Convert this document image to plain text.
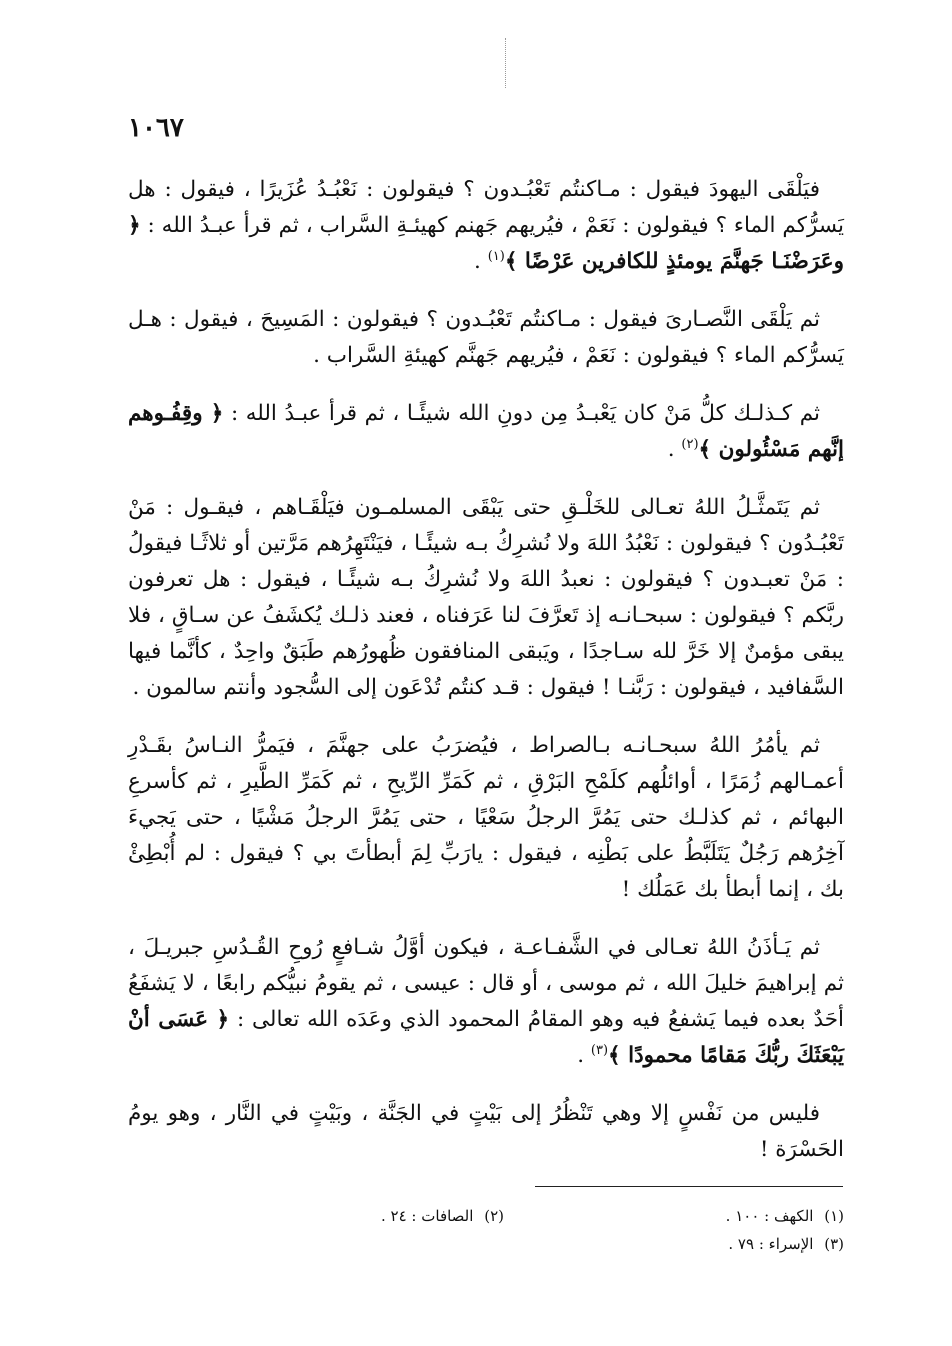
١٠٦٧

فيَلْقَى اليهودَ فيقول : مـاكنتُم تَعْبُـدون ؟ فيقولون : نَعْبُـدُ عُزَيرًا ، فيقول : هل يَسرُّكم الماء ؟ فيقولون : نَعَمْ ، فيُريهم جَهنم كهيئـةِ السَّراب ، ثم قرأ عبـدُ الله : ﴿ وعَرَضْنَـا جَهنَّمَ يومئذٍ للكافرين عَرْضًا ﴾$^{(١)}$ .

ثم يَلْقَى النَّصـارىَ فيقول : مـاكنتُم تَعْبُـدون ؟ فيقولون : المَسِيحَ ، فيقول : هـل يَسرُّكم الماء ؟ فيقولون : نَعَمْ ، فيُريهم جَهنَّم كهيئةِ السَّراب .

ثم كـذلـك كلُّ مَنْ كان يَعْبـدُ مِن دونِ الله شيئًـا ، ثم قرأ عبـدُ الله : ﴿ وقِفُـوهم إنَّهم مَسْئُولون ﴾$^{(٢)}$ .

ثم يَتَمثَّـلُ اللهُ تعـالى للخَلْـقِ حتى يَبْقَى المسلمـون فيَلْقَـاهم ، فيقـول : مَنْ تَعْبُـدُون ؟ فيقولون : نَعْبُدُ اللهَ ولا نُشرِكُ بـه شيئًـا ، فيَنْتَهِرُهم مَرَّتين أو ثلاثًـا فيقولُ : مَنْ تعبـدون ؟ فيقولون : نعبدُ اللهَ ولا نُشرِكُ بـه شيئًـا ، فيقول : هل تعرفون ربَّكم ؟ فيقولون : سبحـانـه إذ تَعرَّفَ لنا عَرَفناه ، فعند ذلـك يُكشَفُ عن سـاقٍ ، فلا يبقى مؤمنٌ إلا خَرَّ لله سـاجدًا ، ويَبقى المنافقون ظُهورُهم طَبَقٌ واحِدٌ ، كأنَّما فيها السَّفافيد ، فيقولون : رَبَّنـا ! فيقول : قـد كنتُم تُدْعَون إلى السُّجود وأنتم سالمون .

ثم يأمُرُ اللهُ سبحـانـه بـالصراط ، فيُضرَبُ على جهنَّمَ ، فيَمرُّ النـاسُ بقَـدْرِ أعمـالهم زُمَرًا ، أوائلُهم كلَمْحِ البَرْقِ ، ثم كَمَرِّ الرِّيحِ ، ثم كَمَرِّ الطَّيرِ ، ثم كأسرعِ البهائم ، ثم كذلـك حتى يَمُرَّ الرجلُ سَعْيًا ، حتى يَمُرَّ الرجلُ مَشْيًا ، حتى يَجيءَ آخِرُهم رَجُلٌ يَتَلَبَّطُ على بَطْنِه ، فيقول : يارَبِّ لِمَ أبطأتَ بي ؟ فيقول : لم أُبْطِئْ بك ، إنما أبطأ بك عَمَلُك !

ثم يَـأذَنُ اللهُ تعـالى في الشَّفـاعـة ، فيكون أوَّلُ شـافعٍ رُوحِ القُـدُسِ جبريـلَ ، ثم إبراهيمَ خليلَ الله ، ثم موسى ، أو قال : عيسى ، ثم يقومُ نبيُّكم رابعًا ، لا يَشفَعُ أحَدٌ بعده فيما يَشفعُ فيه وهو المقامُ المحمود الذي وعَدَه الله تعالى : ﴿ عَسَى أنْ يَبْعَثَكَ ربُّكَ مَقامًا محمودًا ﴾$^{(٣)}$ .

فليس من نَفْسٍ إلا وهي تَنْظُرُ إلى بَيْتٍ في الجَنَّة ، وبَيْتٍ في النَّار ، وهو يومُ الحَسْرَة !

(١) الكهف : ١٠٠ .
(٢) الصافات : ٢٤ .
(٣) الإسراء : ٧٩ .
